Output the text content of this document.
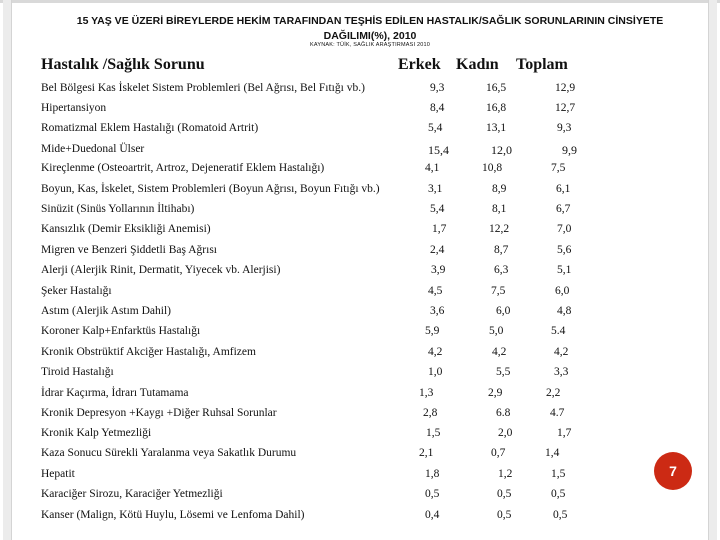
15 YAŞ VE ÜZERİ BİREYLERDE HEKİM TARAFINDAN TEŞHİS EDİLEN HASTALIK/SAĞLIK SORUNLARININ CİNSİYETE DAĞILIMI(%), 2010
KAYNAK: TÜİK, SAĞLIK ARAŞTIRMASI 2010
Hastalık /Sağlık Sorunu	Erkek Kadın Toplam
Bel Bölgesi Kas İskelet Sistem Problemleri (Bel Ağrısı, Bel Fıtığı vb.)	9,3	16,5	12,9
Hipertansiyon	8,4	16,8	12,7
Romatizmal Eklem Hastalığı (Romatoid Artrit)	5,4	13,1	9,3
Mide+Duedonal Ülser	15,4	12,0	9,9
Kireçlenme (Osteoartrit, Artroz, Dejeneratif Eklem Hastalığı)	4,1	10,8	7,5
Boyun, Kas, İskelet, Sistem Problemleri (Boyun Ağrısı, Boyun Fıtığı vb.)	3,1	8,9	6,1
Sinüzit (Sinüs Yollarının İltihabı)	5,4	8,1	6,7
Kansızlık (Demir Eksikliği Anemisi)	1,7	12,2	7,0
Migren ve Benzeri Şiddetli Baş Ağrısı	2,4	8,7	5,6
Alerji (Alerjik Rinit, Dermatit, Yiyecek vb. Alerjisi)	3,9	6,3	5,1
Şeker Hastalığı	4,5	7,5	6,0
Astım (Alerjik Astım Dahil)	3,6	6,0	4,8
Koroner Kalp+Enfarktüs Hastalığı	5,9	5,0	5.4
Kronik Obstrüktif Akciğer Hastalığı, Amfizem	4,2	4,2	4,2
Tiroid Hastalığı	1,0	5,5	3,3
İdrar Kaçırma, İdrarı Tutamama	1,3	2,9	2,2
Kronik Depresyon +Kaygı +Diğer Ruhsal Sorunlar	2,8	6.8	4.7
Kronik Kalp Yetmezliği	1,5	2,0	1,7
Kaza Sonucu Sürekli Yaralanma veya Sakatlık Durumu	2,1	0,7	1,4
Hepatit	1,8	1,2	1,5
Karaciğer Sirozu, Karaciğer Yetmezliği	0,5	0,5	0,5
Kanser (Malign, Kötü Huylu, Lösemi ve Lenfoma Dahil)	0,4	0,5	0,5
7
